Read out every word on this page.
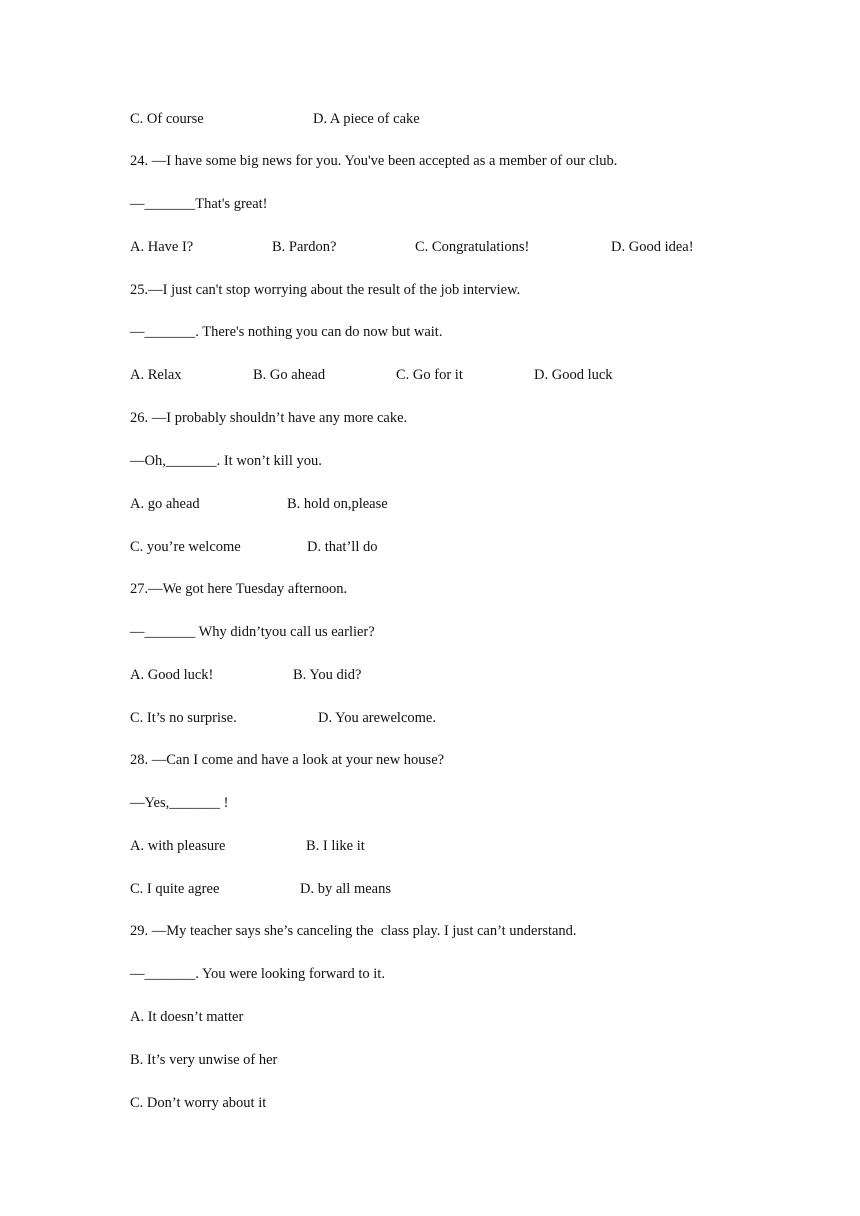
C. Of course	D. A piece of cake
24. —I have some big news for you. You've been accepted as a member of our club.
—_______That's great!
A. Have I?	B. Pardon?	C. Congratulations!	D. Good idea!
25.—I just can't stop worrying about the result of the job interview.
—_______. There's nothing you can do now but wait.
A. Relax	B. Go ahead	C. Go for it	D. Good luck
26. —I probably shouldn’t have any more cake.
—Oh,_______. It won’t kill you.
A. go ahead	B. hold on,please
C. you’re welcome	D. that’ll do
27.—We got here Tuesday afternoon.
—_______ Why didn’tyou call us earlier?
A. Good luck!	B. You did?
C. It’s no surprise.	D. You arewelcome.
28. —Can I come and have a look at your new house?
—Yes,_______ !
A. with pleasure	B. I like it
C. I quite agree	D. by all means
29. —My teacher says she’s canceling the  class play. I just can’t understand.
—_______. You were looking forward to it.
A. It doesn’t matter
B. It’s very unwise of her
C. Don’t worry about it
